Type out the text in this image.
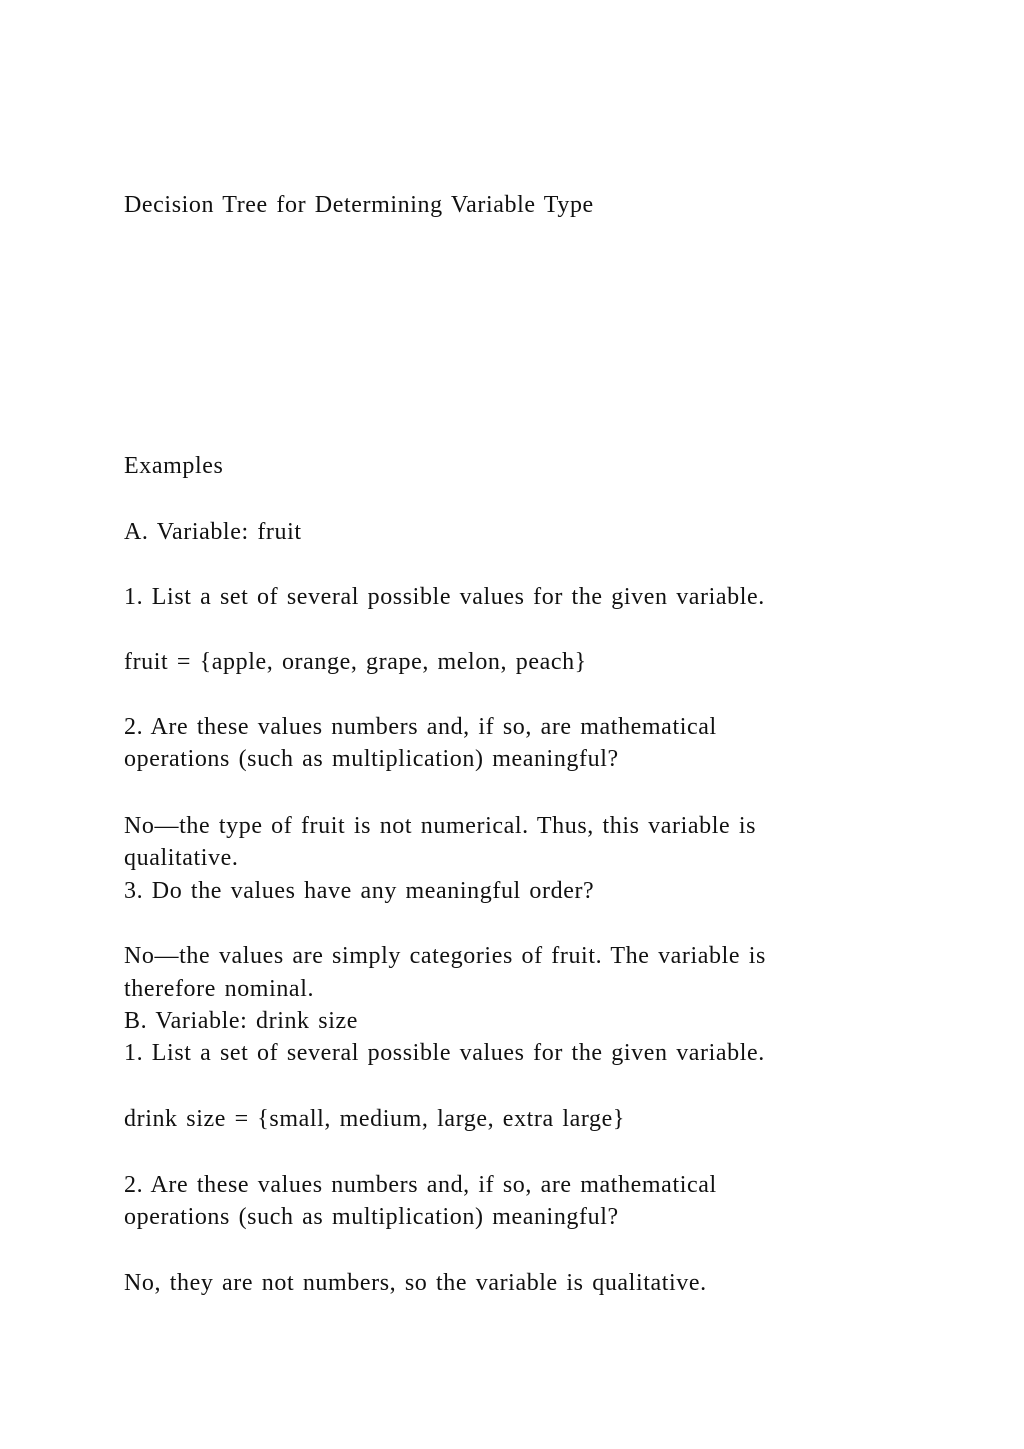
Decision Tree for Determining Variable Type
Examples
A. Variable: fruit
1. List a set of several possible values for the given variable.
fruit = {apple, orange, grape, melon, peach}
2. Are these values numbers and, if so, are mathematical
operations (such as multiplication) meaningful?
No—the type of fruit is not numerical. Thus, this variable is
qualitative.
3. Do the values have any meaningful order?
No—the values are simply categories of fruit. The variable is
therefore nominal.
B. Variable: drink size
1. List a set of several possible values for the given variable.
drink size = {small, medium, large, extra large}
2. Are these values numbers and, if so, are mathematical
operations (such as multiplication) meaningful?
No, they are not numbers, so the variable is qualitative.
